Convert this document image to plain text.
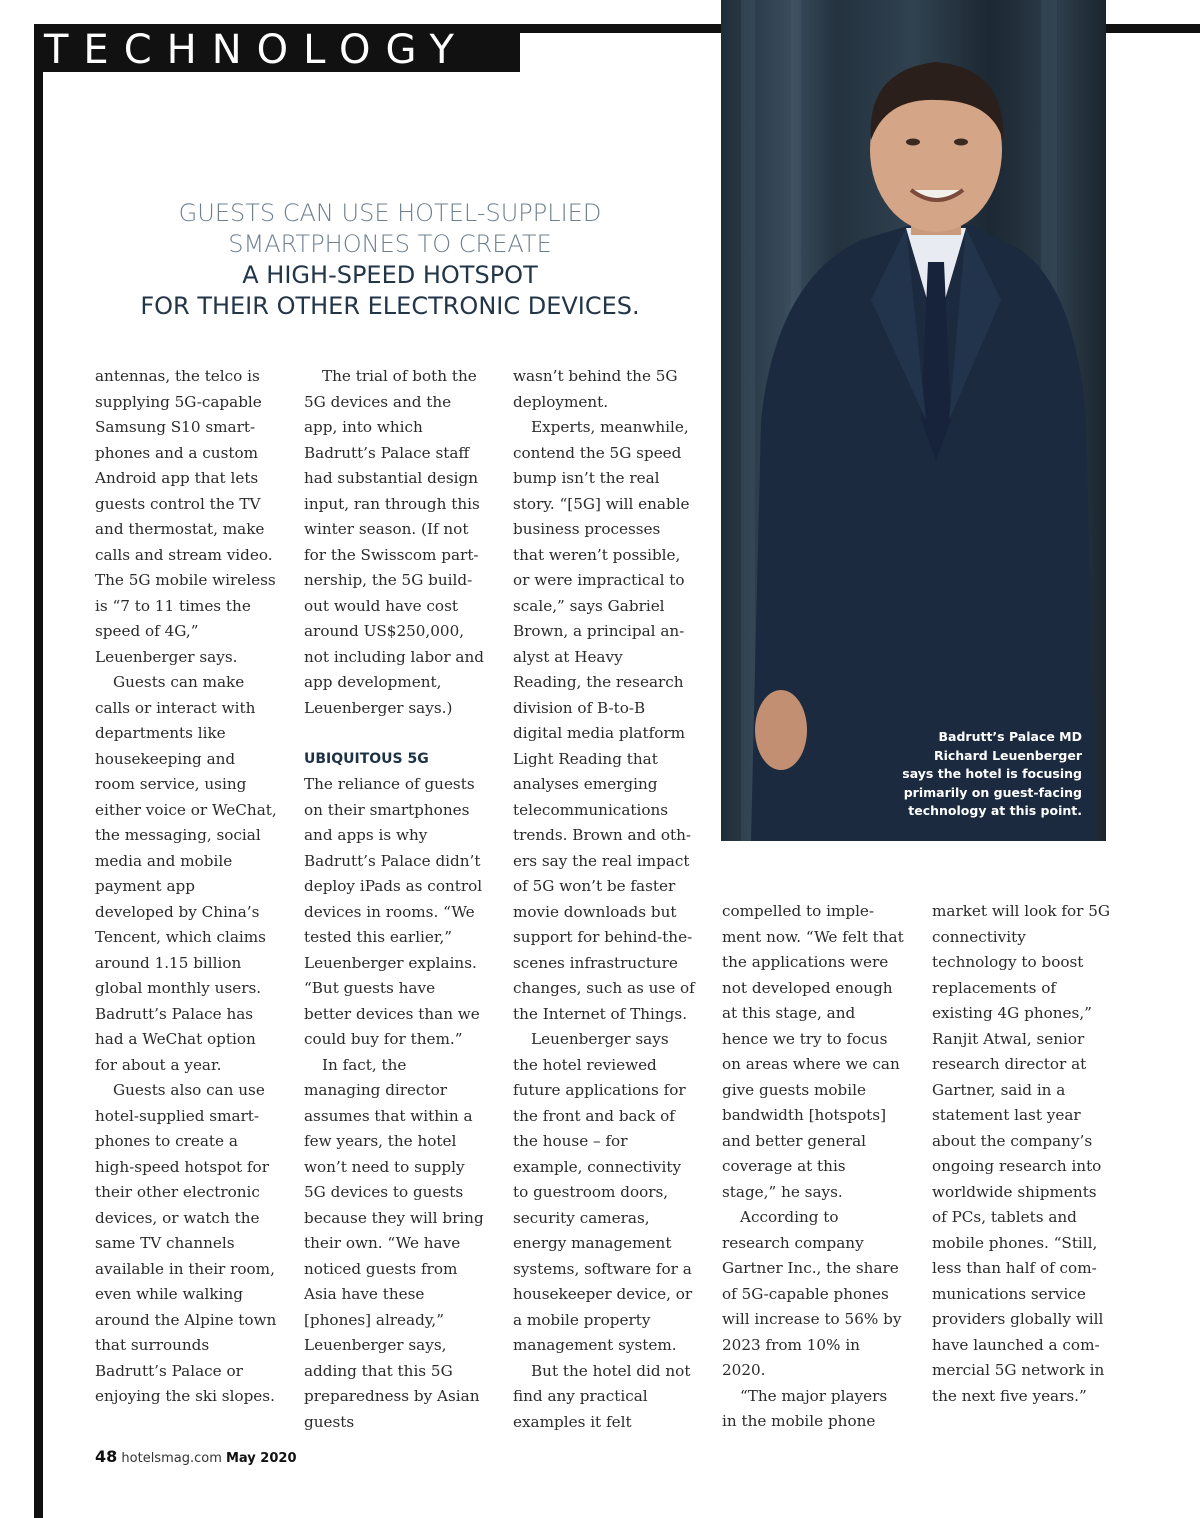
TECHNOLOGY
GUESTS CAN USE HOTEL-SUPPLIED
SMARTPHONES TO CREATE
A HIGH-SPEED HOTSPOT
FOR THEIR OTHER ELECTRONIC DEVICES.
Badrutt’s Palace MD
Richard Leuenberger
says the hotel is focusing
primarily on guest-facing
technology at this point.

antennas, the telco is supplying 5G-capable Samsung S10 smartphones and a custom Android app that lets guests control the TV and thermostat, make calls and stream video. The 5G mobile wireless is “7 to 11 times the speed of 4G,” Leuenberger says.

Guests can make calls or interact with departments like housekeeping and room service, using either voice or WeChat, the messaging, social media and mobile payment app developed by China’s Tencent, which claims around 1.15 billion global monthly users. Badrutt’s Palace has had a WeChat option for about a year.

Guests also can use hotel-supplied smartphones to create a high-speed hotspot for their other electronic devices, or watch the same TV channels available in their room, even while walking around the Alpine town that surrounds Badrutt’s Palace or enjoying the ski slopes.

The trial of both the 5G devices and the app, into which Badrutt’s Palace staff had substantial design input, ran through this winter season. (If not for the Swisscom partnership, the 5G build-out would have cost around US$250,000, not including labor and app development, Leuenberger says.)

UBIQUITOUS 5G

The reliance of guests on their smartphones and apps is why Badrutt’s Palace didn’t deploy iPads as control devices in rooms. “We tested this earlier,” Leuenberger explains. “But guests have better devices than we could buy for them.”

In fact, the managing director assumes that within a few years, the hotel won’t need to supply 5G devices to guests because they will bring their own. “We have noticed guests from Asia have these [phones] already,” Leuenberger says, adding that this 5G preparedness by Asian guests

wasn’t behind the 5G deployment.

Experts, meanwhile, contend the 5G speed bump isn’t the real story. “[5G] will enable business processes that weren’t possible, or were impractical to scale,” says Gabriel Brown, a principal analyst at Heavy Reading, the research division of B-to-B digital media platform Light Reading that analyses emerging telecommunications trends. Brown and others say the real impact of 5G won’t be faster movie downloads but support for behind-the-scenes infrastructure changes, such as use of the Internet of Things.

Leuenberger says the hotel reviewed future applications for the front and back of the house – for example, connectivity to guestroom doors, security cameras, energy management systems, software for a housekeeper device, or a mobile property management system.

But the hotel did not find any practical examples it felt

compelled to implement now. “We felt that the applications were not developed enough at this stage, and hence we try to focus on areas where we can give guests mobile bandwidth [hotspots] and better general coverage at this stage,” he says.

According to research company Gartner Inc., the share of 5G-capable phones will increase to 56% by 2023 from 10% in 2020.

“The major players in the mobile phone

market will look for 5G connectivity technology to boost replacements of existing 4G phones,” Ranjit Atwal, senior research director at Gartner, said in a statement last year about the company’s ongoing research into worldwide shipments of PCs, tablets and mobile phones. “Still, less than half of communications service providers globally will have launched a commercial 5G network in the next five years.”

48 hotelsmag.com May 2020
